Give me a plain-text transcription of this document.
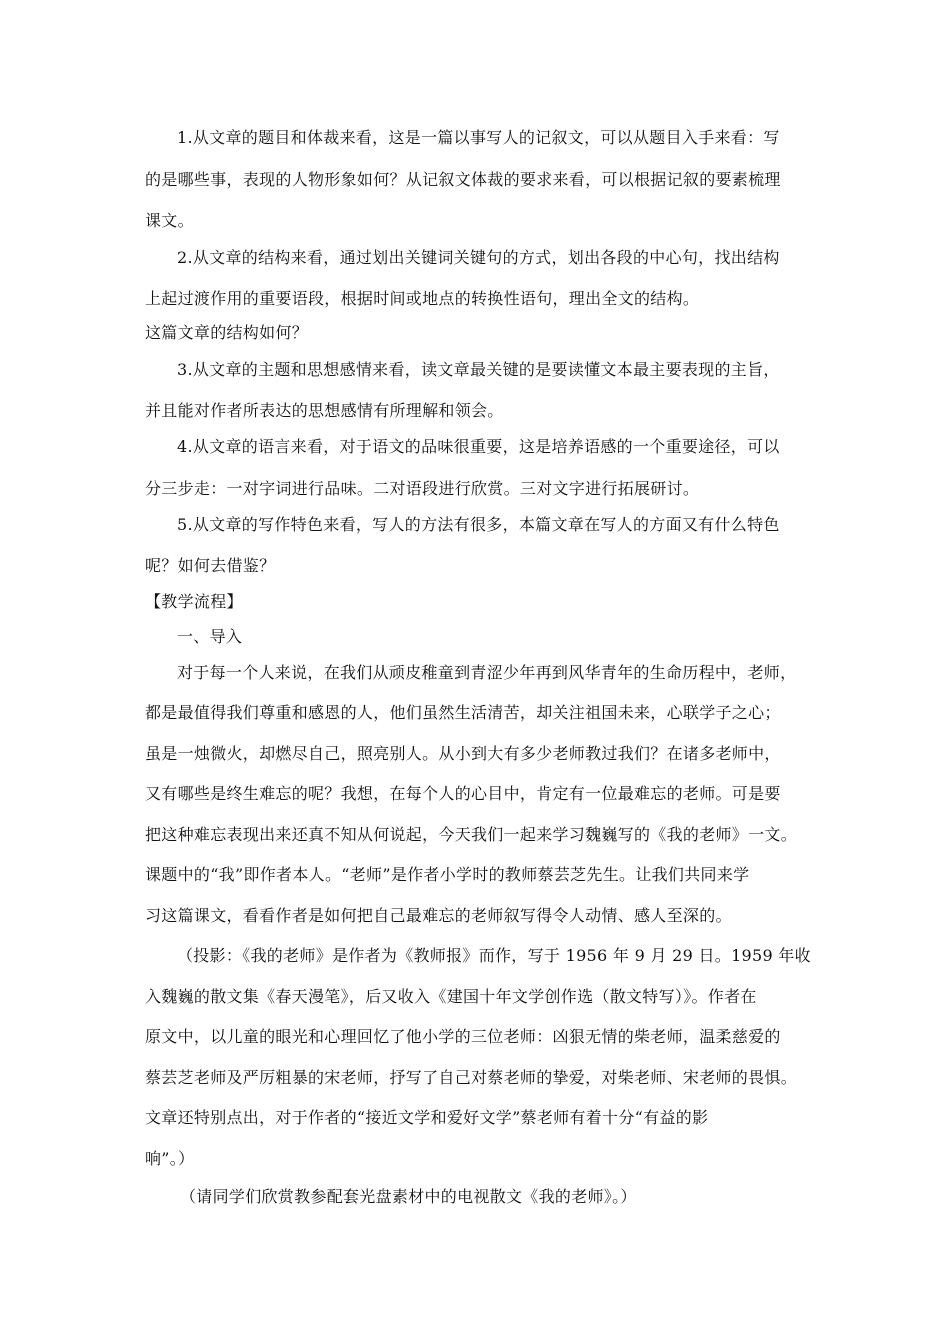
1.从文章的题目和体裁来看，这是一篇以事写人的记叙文，可以从题目入手来看：写
的是哪些事，表现的人物形象如何？从记叙文体裁的要求来看，可以根据记叙的要素梳理
课文。
2.从文章的结构来看，通过划出关键词关键句的方式，划出各段的中心句，找出结构
上起过渡作用的重要语段，根据时间或地点的转换性语句，理出全文的结构。
这篇文章的结构如何？
3.从文章的主题和思想感情来看，读文章最关键的是要读懂文本最主要表现的主旨，
并且能对作者所表达的思想感情有所理解和领会。
4.从文章的语言来看，对于语文的品味很重要，这是培养语感的一个重要途径，可以
分三步走：一对字词进行品味。二对语段进行欣赏。三对文字进行拓展研讨。
5.从文章的写作特色来看，写人的方法有很多，本篇文章在写人的方面又有什么特色
呢？如何去借鉴？
【教学流程】
一、导入
对于每一个人来说，在我们从顽皮稚童到青涩少年再到风华青年的生命历程中，老师，
都是最值得我们尊重和感恩的人，他们虽然生活清苦，却关注祖国未来，心联学子之心；
虽是一烛微火，却燃尽自己，照亮别人。从小到大有多少老师教过我们？在诸多老师中，
又有哪些是终生难忘的呢？我想，在每个人的心目中，肯定有一位最难忘的老师。可是要
把这种难忘表现出来还真不知从何说起，今天我们一起来学习魏巍写的《我的老师》一文。
课题中的“我”即作者本人。“老师”是作者小学时的教师蔡芸芝先生。让我们共同来学
习这篇课文，看看作者是如何把自己最难忘的老师叙写得令人动情、感人至深的。
（投影：《我的老师》是作者为《教师报》而作，写于 1956 年 9 月 29 日。1959 年收
入魏巍的散文集《春天漫笔》，后又收入《建国十年文学创作选（散文特写）》。作者在
原文中，以儿童的眼光和心理回忆了他小学的三位老师：凶狠无情的柴老师，温柔慈爱的
蔡芸芝老师及严厉粗暴的宋老师，抒写了自己对蔡老师的挚爱，对柴老师、宋老师的畏惧。
文章还特别点出，对于作者的“接近文学和爱好文学”蔡老师有着十分“有益的影
响”。）
（请同学们欣赏教参配套光盘素材中的电视散文《我的老师》。）
